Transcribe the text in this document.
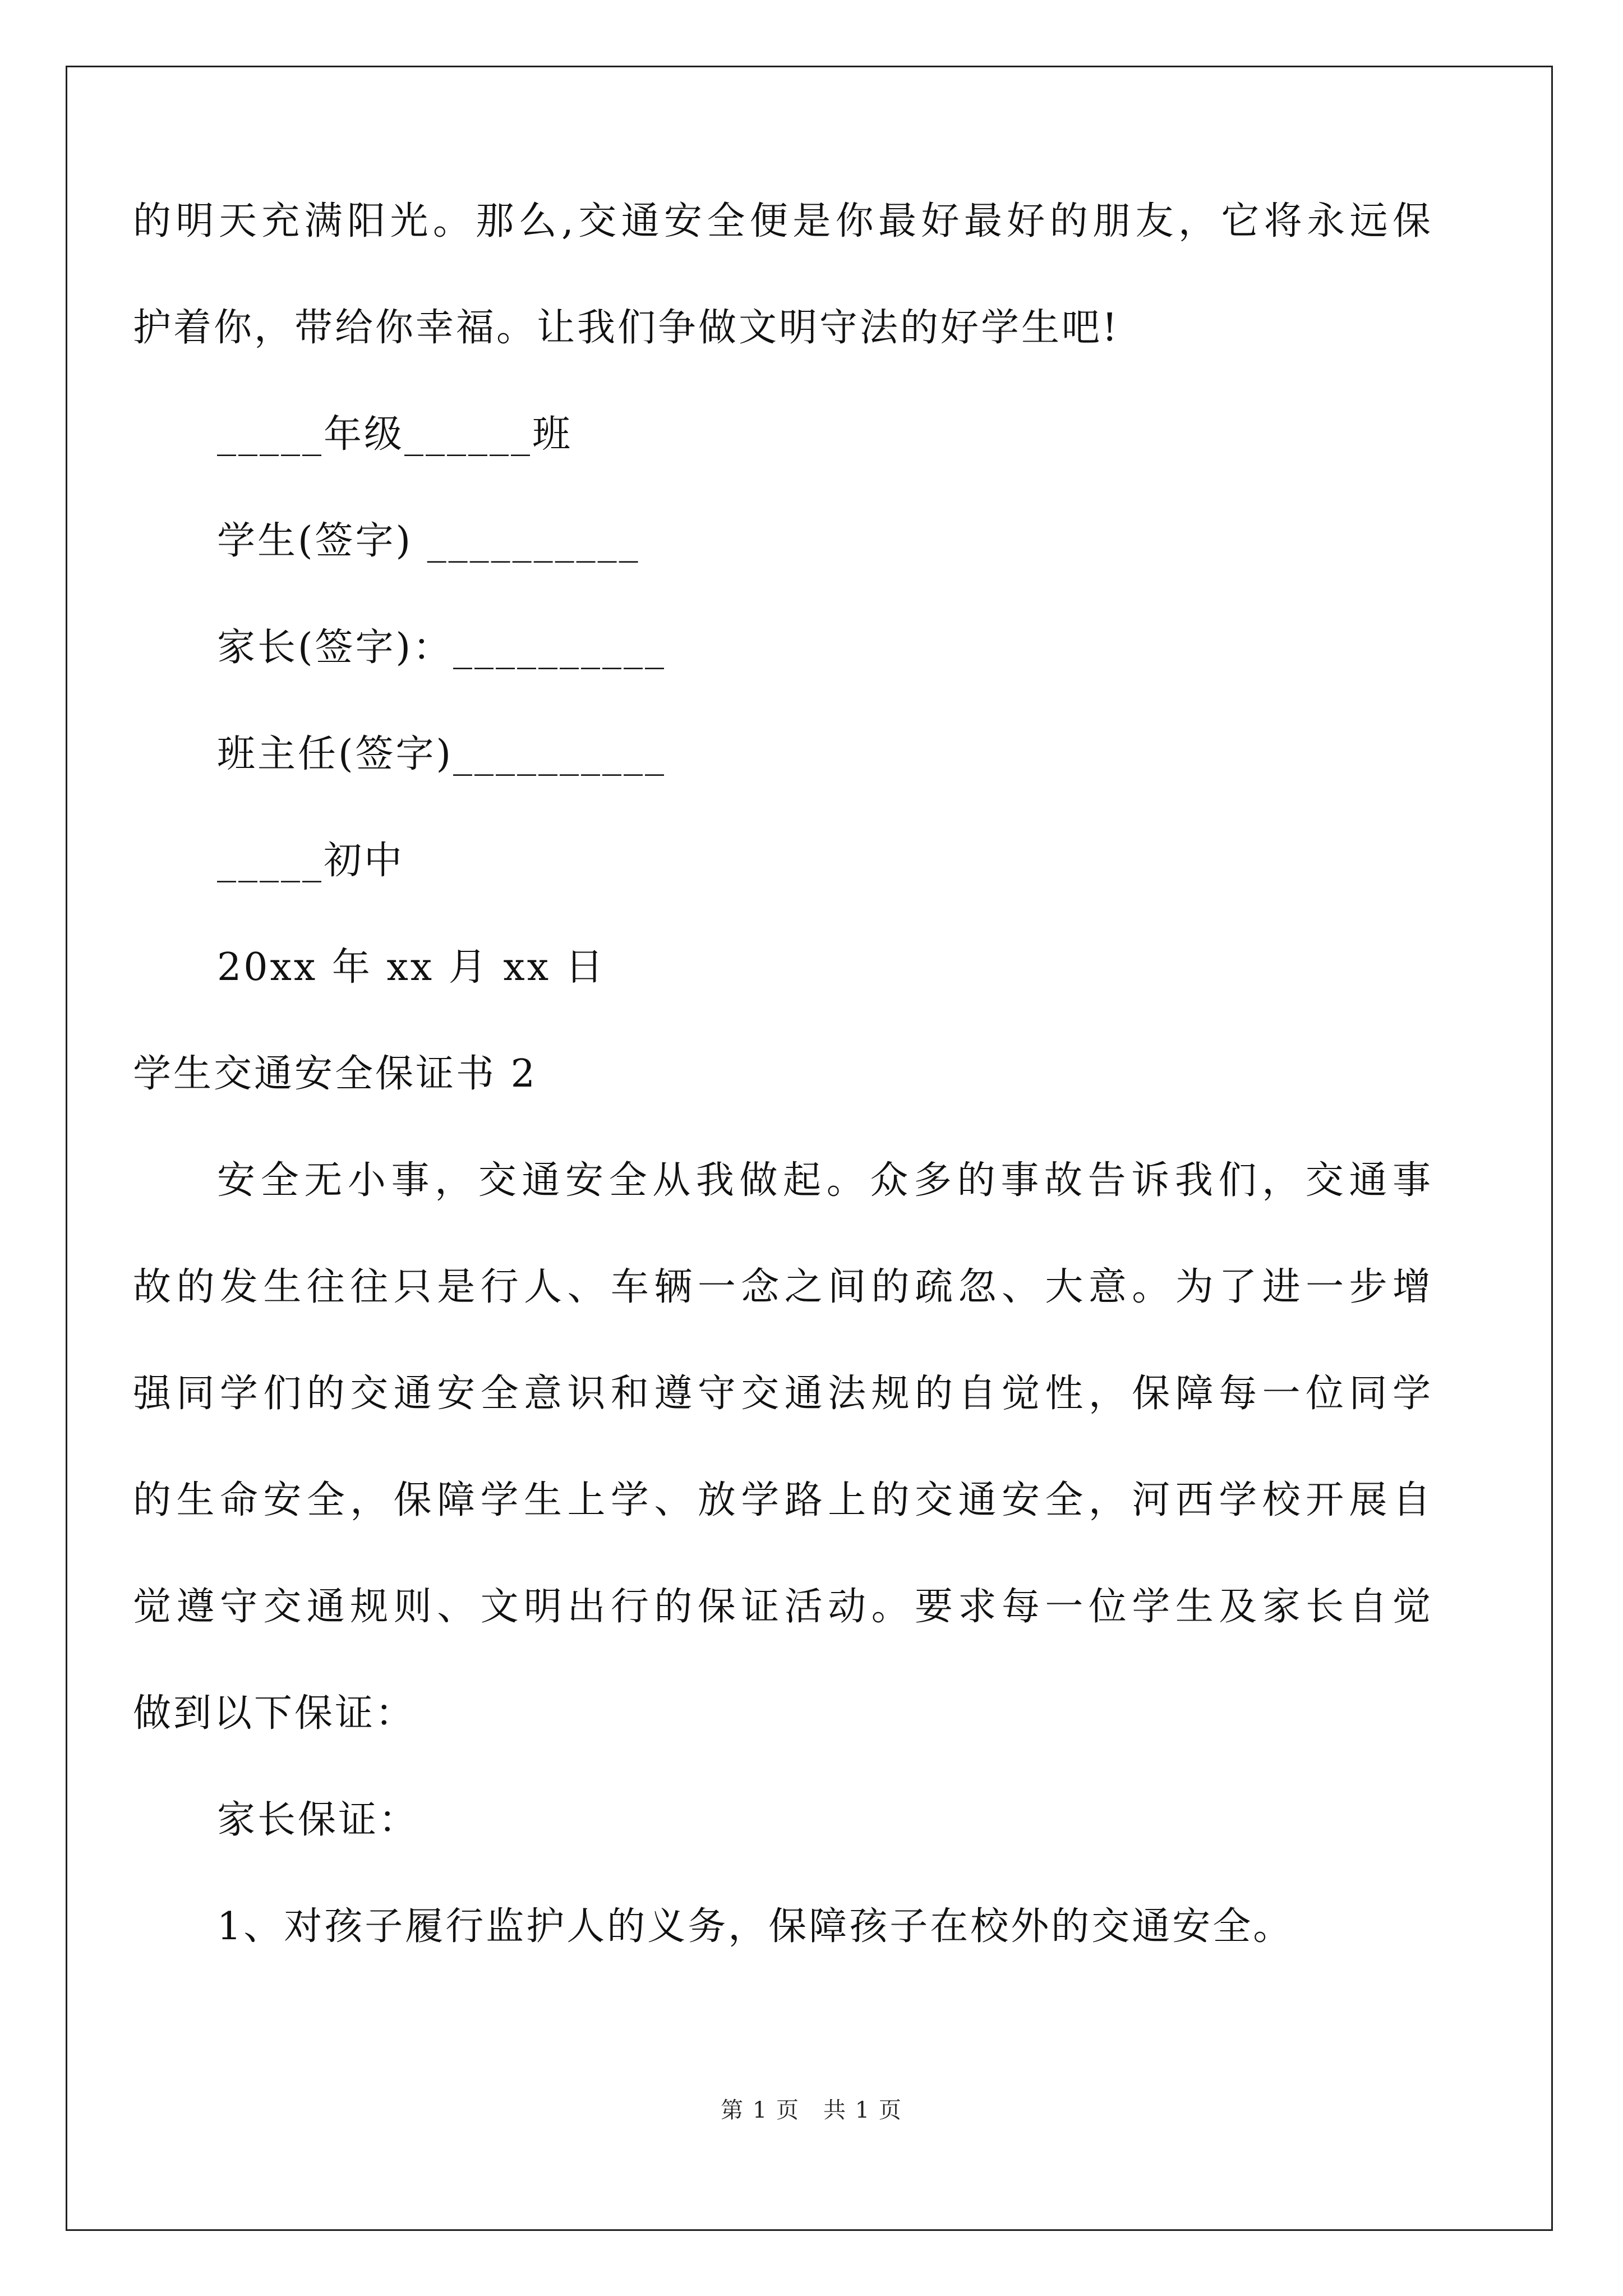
的明天充满阳光。那么,交通安全便是你最好最好的朋友，它将永远保

护着你，带给你幸福。让我们争做文明守法的好学生吧!

_____年级______班

学生(签字) __________

家长(签字)：__________

班主任(签字)__________

_____初中

20xx 年 xx 月 xx 日

学生交通安全保证书 2

安全无小事，交通安全从我做起。众多的事故告诉我们，交通事

故的发生往往只是行人、车辆一念之间的疏忽、大意。为了进一步增

强同学们的交通安全意识和遵守交通法规的自觉性，保障每一位同学

的生命安全，保障学生上学、放学路上的交通安全，河西学校开展自

觉遵守交通规则、文明出行的保证活动。要求每一位学生及家长自觉

做到以下保证：

家长保证：

1、对孩子履行监护人的义务，保障孩子在校外的交通安全。

第 1 页　共 1 页
